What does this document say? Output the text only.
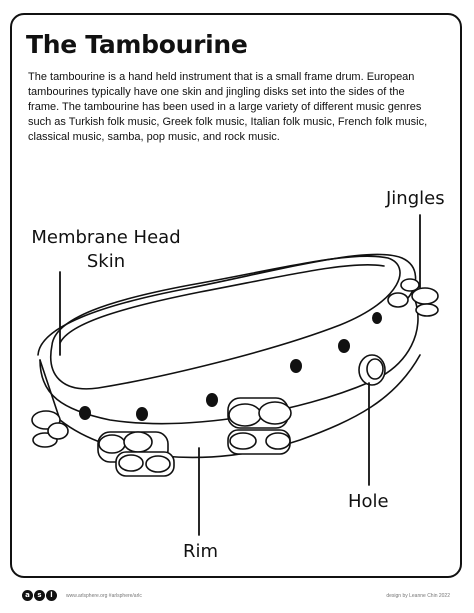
The Tambourine

The tambourine is a hand held instrument that is a small frame drum. European tambourines typically have one skin and jingling disks set into the sides of the frame. The tambourine has been used in a large variety of different music genres such as Turkish folk music, Greek folk music, Italian folk music, French folk music, classical music, samba, pop music, and rock music.

Membrane Head
Skin
Jingles
Hole
Rim
a	s	l	www.arlsphere.org #arlsphere/arlc	design by Leanne Chin 2022
